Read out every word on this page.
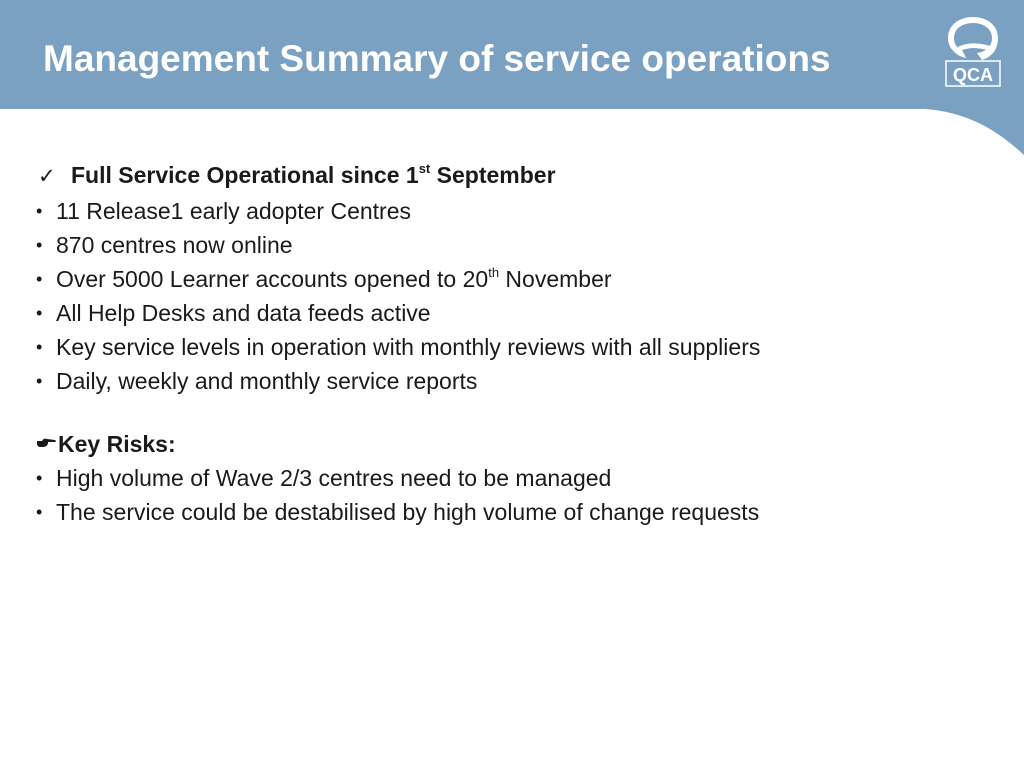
Management Summary of service operations	QCA
✓ Full Service Operational since 1st September
• 11 Release1 early adopter Centres
• 870 centres now online
• Over 5000 Learner accounts opened to 20th November
• All Help Desks and data feeds active
• Key service levels in operation with monthly reviews with all suppliers
• Daily, weekly and monthly service reports
Key Risks:
• High volume of Wave 2/3 centres need to be managed
• The service could be destabilised by high volume of change requests
